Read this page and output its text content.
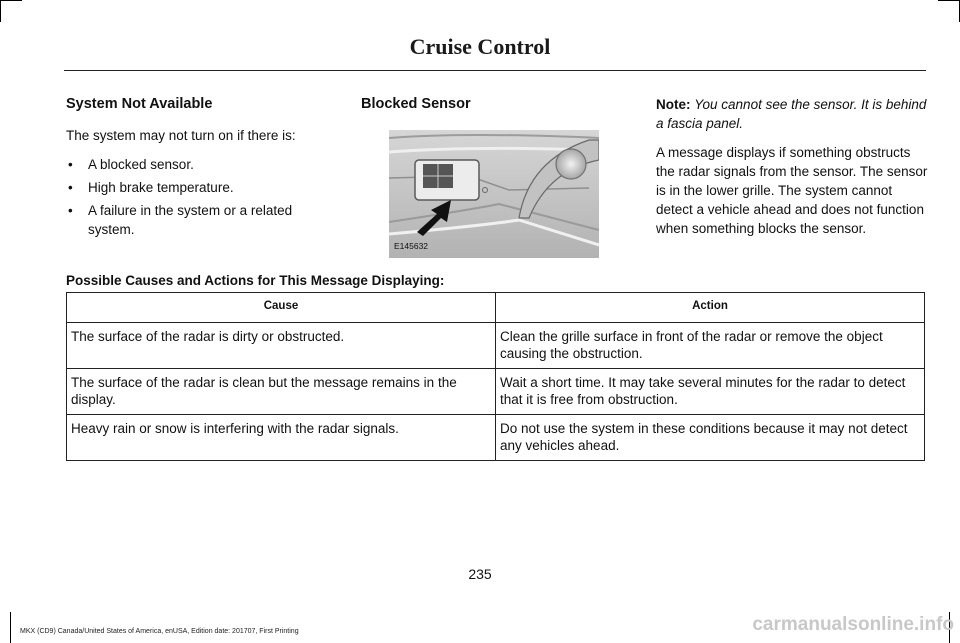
Cruise Control
System Not Available

The system may not turn on if there is:

• A blocked sensor.
• High brake temperature.
• A failure in the system or a related system.
Blocked Sensor
E145632

Note: You cannot see the sensor. It is behind a fascia panel.

A message displays if something obstructs the radar signals from the sensor. The sensor is in the lower grille. The system cannot detect a vehicle ahead and does not function when something blocks the sensor.

Possible Causes and Actions for This Message Displaying:
Cause	Action
The surface of the radar is dirty or obstructed.	Clean the grille surface in front of the radar or remove the object causing the obstruction.
The surface of the radar is clean but the message remains in the display.	Wait a short time. It may take several minutes for the radar to detect that it is free from obstruction.
Heavy rain or snow is interfering with the radar signals.	Do not use the system in these conditions because it may not detect any vehicles ahead.
235
MKX (CD9) Canada/United States of America, enUSA, Edition date: 201707, First Printing	carmanualsonline.info
